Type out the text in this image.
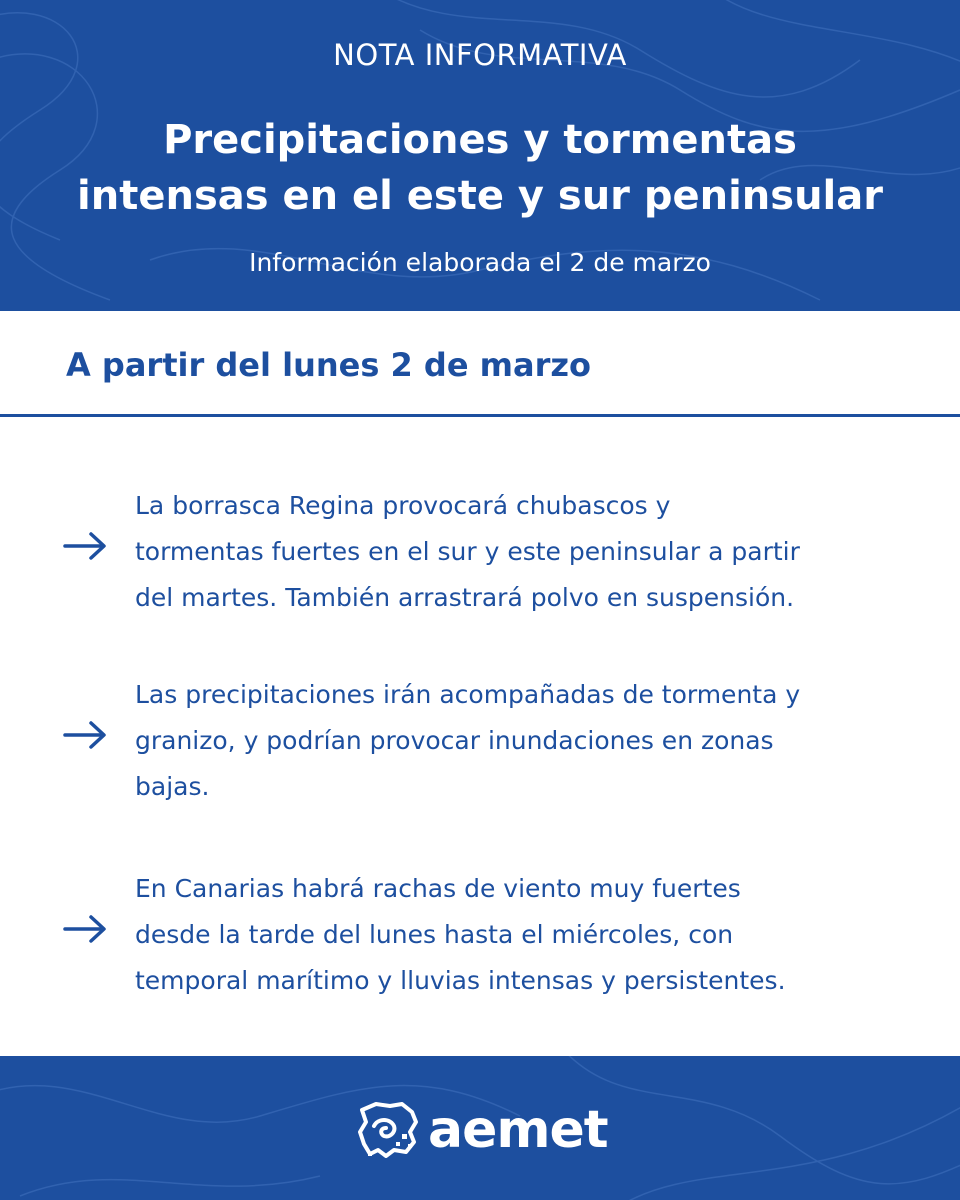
NOTA INFORMATIVA
Precipitaciones y tormentas
intensas en el este y sur peninsular
Información elaborada el 2 de marzo
A partir del lunes 2 de marzo
La borrasca Regina provocará chubascos y
tormentas fuertes en el sur y este peninsular a partir
del martes. También arrastrará polvo en suspensión.
Las precipitaciones irán acompañadas de tormenta y
granizo, y podrían provocar inundaciones en zonas
bajas.
En Canarias habrá rachas de viento muy fuertes
desde la tarde del lunes hasta el miércoles, con
temporal marítimo y lluvias intensas y persistentes.
aemet
